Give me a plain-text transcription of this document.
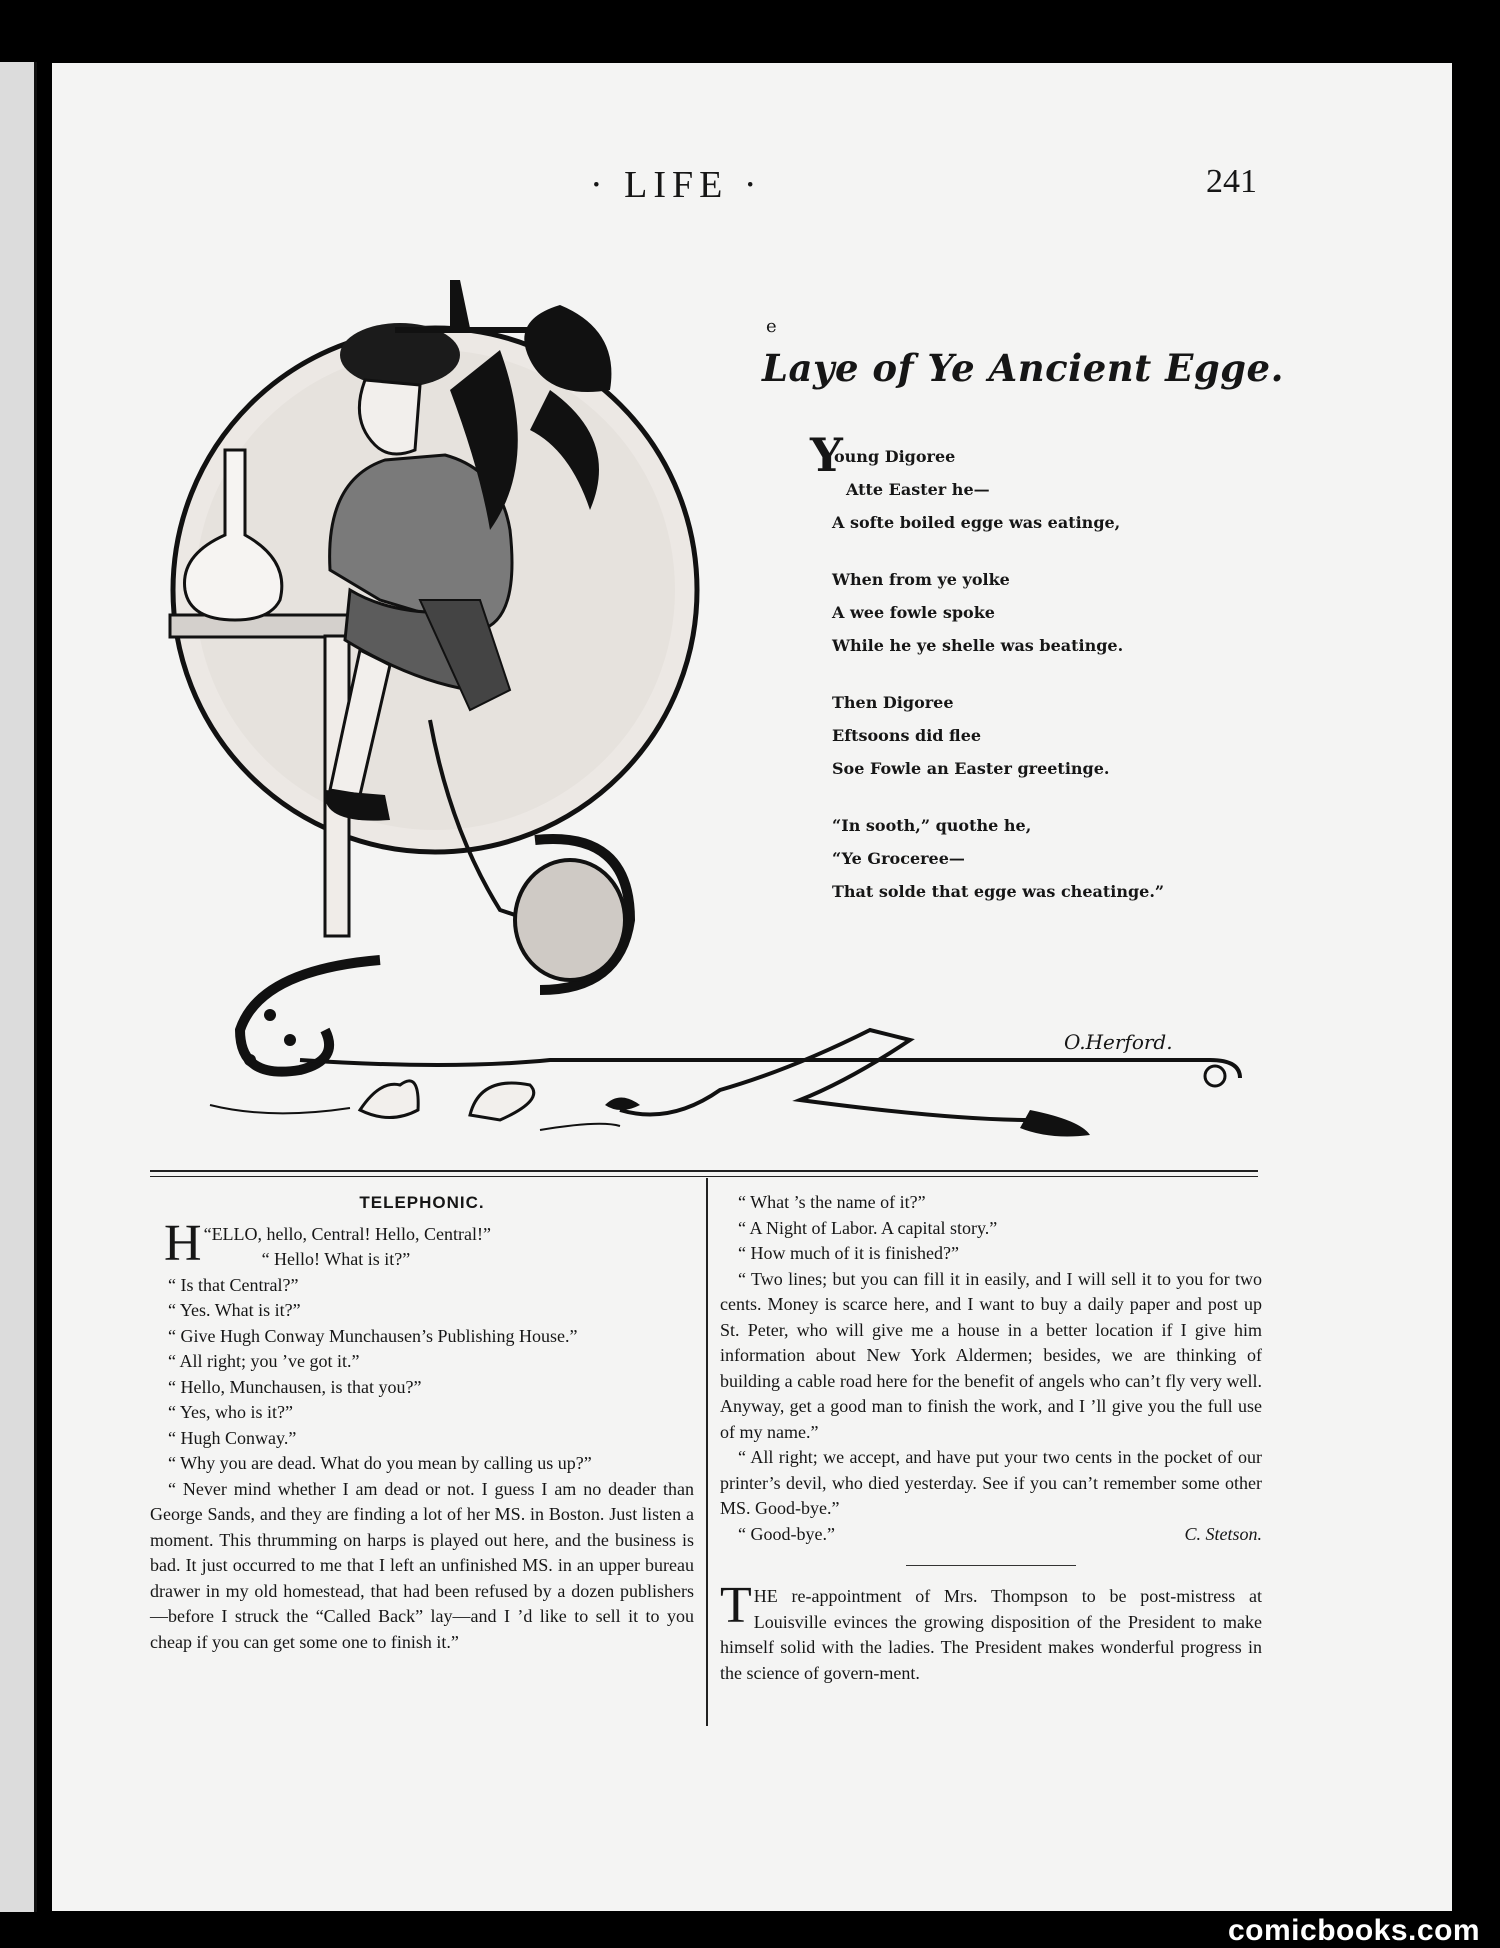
· LIFE ·	241
e
Laye of Ye Ancient Egge.
Y
oung Digoree
Atte Easter he—
A softe boiled egge was eatinge,
When from ye yolke
A wee fowle spoke
While he ye shelle was beatinge.
Then Digoree
Eftsoons did flee
Soe Fowle an Easter greetinge.
“In sooth,” quothe he,
“Ye Groceree—
That solde that egge was cheatinge.”
O.Herford.
TELEPHONIC.

“
H ELLO, hello, Central! Hello, Central!”

“ Hello! What is it?”

“ Is that Central?”

“ Yes. What is it?”

“ Give Hugh Conway Munchausen’s Publishing House.”

“ All right; you ’ve got it.”

“ Hello, Munchausen, is that you?”

“ Yes, who is it?”

“ Hugh Conway.”

“ Why you are dead. What do you mean by calling us up?”

“ Never mind whether I am dead or not. I guess I am no deader than George Sands, and they are finding a lot of her MS. in Boston. Just listen a moment. This thrumming on harps is played out here, and the business is bad. It just occurred to me that I left an unfinished MS. in an upper bureau drawer in my old homestead, that had been refused by a dozen publishers—before I struck the “Called Back” lay—and I ’d like to sell it to you cheap if you can get some one to finish it.”

“ What ’s the name of it?”

“ A Night of Labor. A capital story.”

“ How much of it is finished?”

“ Two lines; but you can fill it in easily, and I will sell it to you for two cents. Money is scarce here, and I want to buy a daily paper and post up St. Peter, who will give me a house in a better location if I give him information about New York Aldermen; besides, we are thinking of building a cable road here for the benefit of angels who can’t fly very well. Anyway, get a good man to finish the work, and I ’ll give you the full use of my name.”

“ All right; we accept, and have put your two cents in the pocket of our printer’s devil, who died yesterday. See if you can’t remember some other MS. Good-bye.”

“ Good-bye.”	C. Stetson.

THE re-appointment of Mrs. Thompson to be post-mistress at Louisville evinces the growing disposition of the President to make himself solid with the ladies. The President makes wonderful progress in the science of govern-ment.

comicbooks.com
